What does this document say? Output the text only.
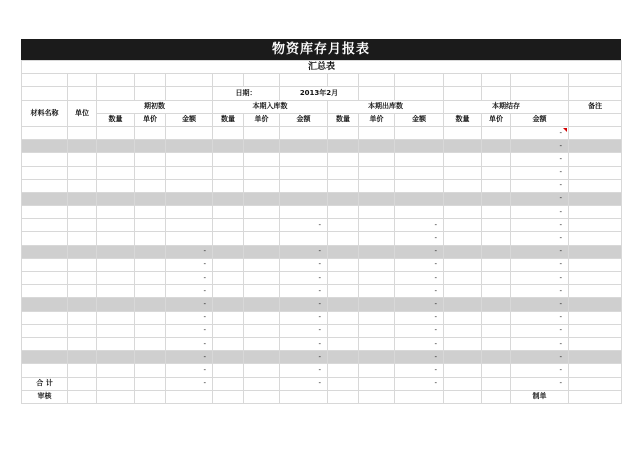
物资库存月报表
汇总表														

					日期：		2013年2月							
材料名称	单位	期初数			本期入库数			本期出库数			本期结存			备注
		数量	单价	金额	数量	单价	金额	数量	单价	金额	数量	单价	金额	
													-	
													-	
													-	
													-	
													-	
													-	
													-	
							-			-			-	
										-			-	
				-			-			-			-	
				-			-			-			-	
				-			-			-			-	
				-			-			-			-	
				-			-			-			-	
				-			-			-			-	
				-			-			-			-	
				-			-			-			-	
				-			-			-			-	
				-			-			-			-	
合 计				-			-			-			-	
审核													制单	
